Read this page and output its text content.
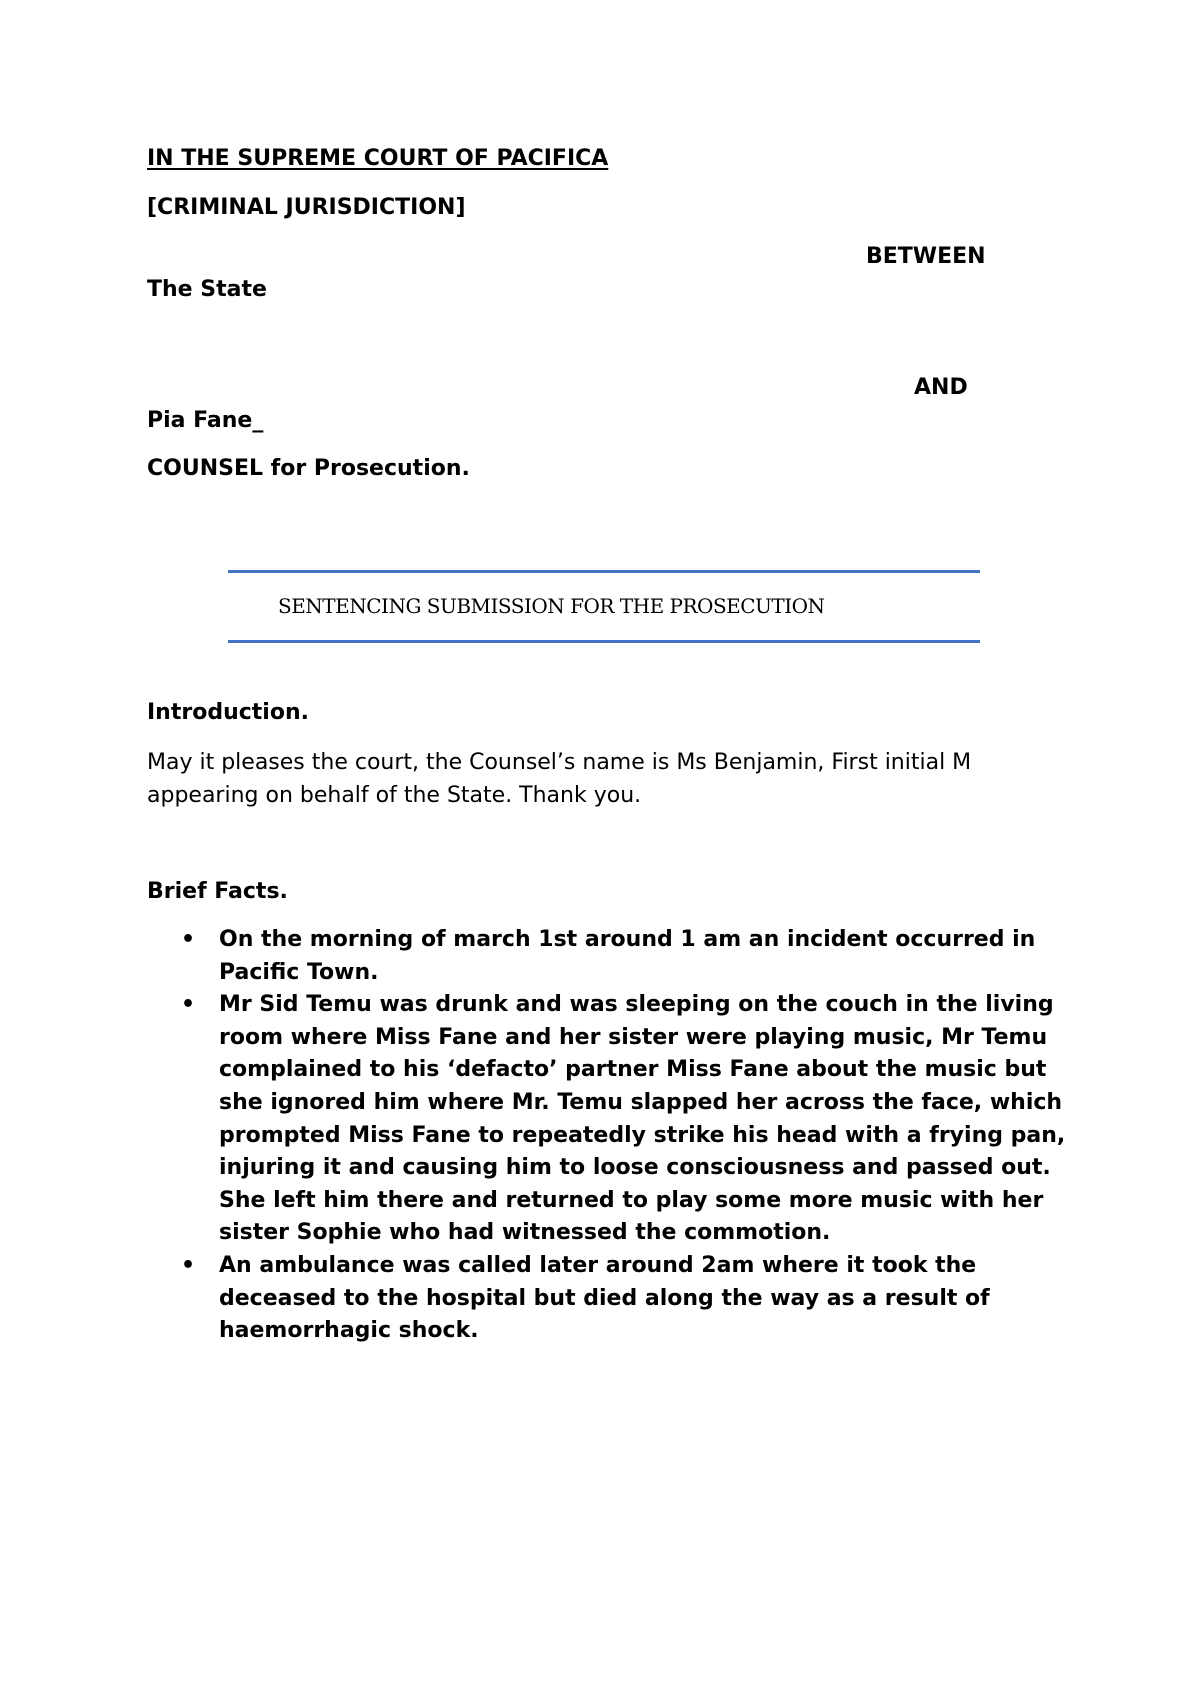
IN THE SUPREME COURT OF PACIFICA
[CRIMINAL JURISDICTION]
BETWEEN
The State
AND
Pia Fane_
COUNSEL for Prosecution.
SENTENCING SUBMISSION FOR THE PROSECUTION
Introduction.
May it pleases the court, the Counsel’s name is Ms Benjamin, First initial M appearing on behalf of the State. Thank you.
Brief Facts.
• On the morning of march 1st around 1 am an incident occurred in Pacific Town.
• Mr Sid Temu was drunk and was sleeping on the couch in the living room where Miss Fane and her sister were playing music, Mr Temu complained to his ‘defacto’ partner Miss Fane about the music but she ignored him where Mr. Temu slapped her across the face, which prompted Miss Fane to repeatedly strike his head with a frying pan, injuring it and causing him to loose consciousness and passed out. She left him there and returned to play some more music with her sister Sophie who had witnessed the commotion.
• An ambulance was called later around 2am where it took the deceased to the hospital but died along the way as a result of haemorrhagic shock.
